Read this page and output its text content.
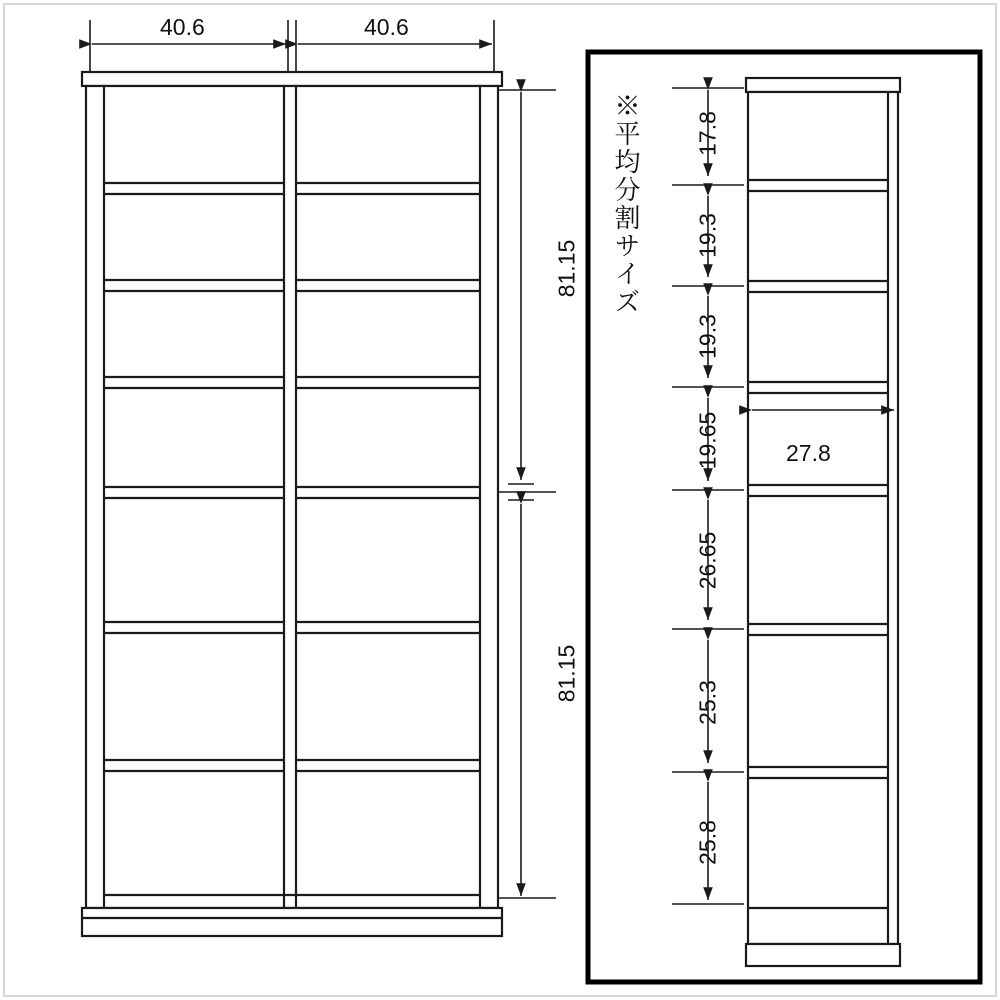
40.6	40.6
81.15
81.15
※平均分割サイズ 17.8
19.3
19.3
19.65
26.65
25.3
25.8
27.8
